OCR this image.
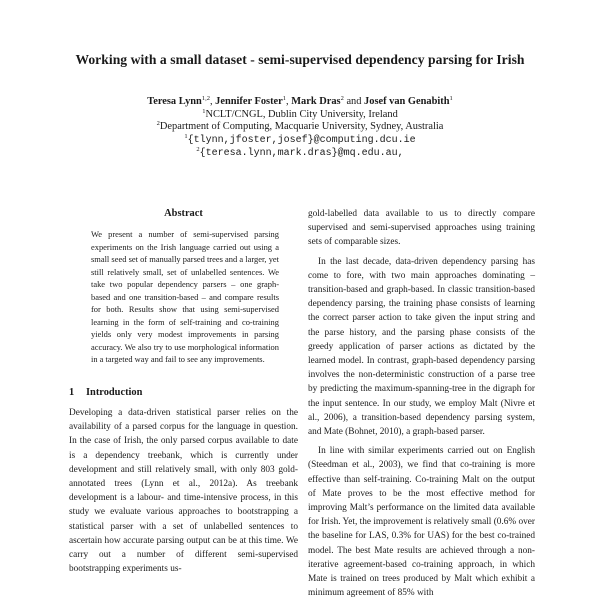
Working with a small dataset - semi-supervised dependency parsing for Irish
Teresa Lynn$^{1,2}$, Jennifer Foster$^1$, Mark Dras$^2$ and Josef van Genabith$^1$
$^1$NCLT/CNGL, Dublin City University, Ireland
$^2$Department of Computing, Macquarie University, Sydney, Australia
$^1${tlynn,jfoster,josef}@computing.dcu.ie
$^2${teresa.lynn,mark.dras}@mq.edu.au,
Abstract

We present a number of semi-supervised parsing experiments on the Irish language carried out using a small seed set of manually parsed trees and a larger, yet still relatively small, set of unlabelled sentences. We take two popular dependency parsers – one graph-based and one transition-based – and compare results for both. Results show that using semi-supervised learning in the form of self-training and co-training yields only very modest improvements in parsing accuracy. We also try to use morphological information in a targeted way and fail to see any improvements.

1 Introduction

Developing a data-driven statistical parser relies on the availability of a parsed corpus for the language in question. In the case of Irish, the only parsed corpus available to date is a dependency treebank, which is currently under development and still relatively small, with only 803 gold-annotated trees (Lynn et al., 2012a). As treebank development is a labour- and time-intensive process, in this study we evaluate various approaches to bootstrapping a statistical parser with a set of unlabelled sentences to ascertain how accurate parsing output can be at this time. We carry out a number of different semi-supervised bootstrapping experiments us-

gold-labelled data available to us to directly compare supervised and semi-supervised approaches using training sets of comparable sizes.

In the last decade, data-driven dependency parsing has come to fore, with two main approaches dominating – transition-based and graph-based. In classic transition-based dependency parsing, the training phase consists of learning the correct parser action to take given the input string and the parse history, and the parsing phase consists of the greedy application of parser actions as dictated by the learned model. In contrast, graph-based dependency parsing involves the non-deterministic construction of a parse tree by predicting the maximum-spanning-tree in the digraph for the input sentence. In our study, we employ Malt (Nivre et al., 2006), a transition-based dependency parsing system, and Mate (Bohnet, 2010), a graph-based parser.

In line with similar experiments carried out on English (Steedman et al., 2003), we find that co-training is more effective than self-training. Co-training Malt on the output of Mate proves to be the most effective method for improving Malt’s performance on the limited data available for Irish. Yet, the improvement is relatively small (0.6% over the baseline for LAS, 0.3% for UAS) for the best co-trained model. The best Mate results are achieved through a non-iterative agreement-based co-training approach, in which Mate is trained on trees produced by Malt which exhibit a minimum agreement of 85% with
